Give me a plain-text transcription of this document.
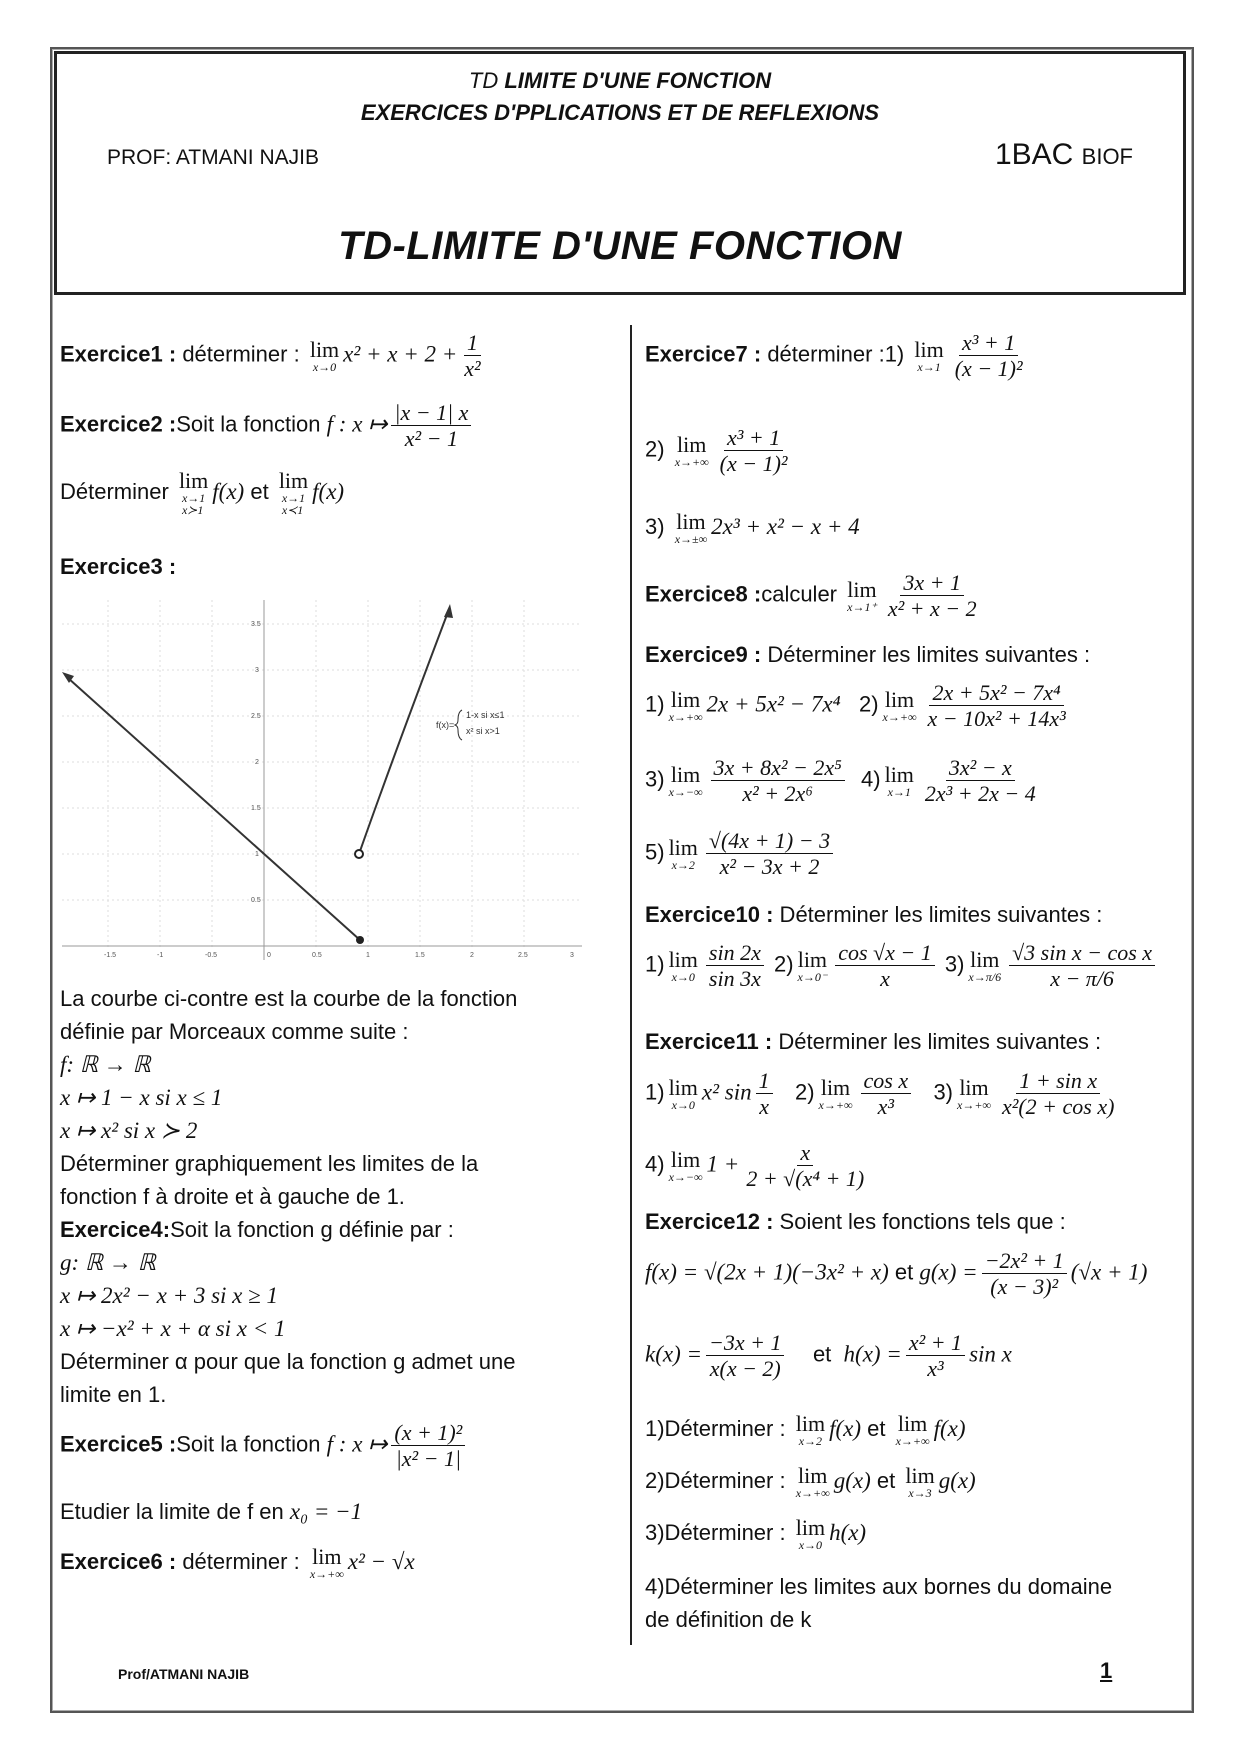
TD LIMITE D'UNE FONCTION
EXERCICES D'PPLICATIONS ET DE REFLEXIONS
PROF: ATMANI NAJIB	1BAC BIOF
TD-LIMITE D'UNE FONCTION
Exercice1 : déterminer : lim
x→0
$x^2 + x + 2 + \frac{1}{\text{x²}}$
Exercice2 :Soit la fonction f : x ↦ $\frac{|x - 1| x}{\text{x² − 1}}$
Déterminer lim
x→1
x≻1
f(x) et lim
x→1
x≺1
f(x)
Exercice3 :
La courbe ci-contre est la courbe de la fonction
définie par Morceaux comme suite :
f: ℝ → ℝ
x ↦ 1 − x si x ≤ 1
x ↦ x² si x ≻ 2
Déterminer graphiquement les limites de la
fonction f à droite et à gauche de 1.
Exercice4:Soit la fonction g définie par :
g: ℝ → ℝ
x ↦ 2x² − x + 3 si x ≥ 1
x ↦ −x² + x + α si x < 1
Déterminer α pour que la fonction g admet une
limite en 1.
Exercice5 :Soit la fonction f : x ↦ $\frac{\text{(x + 1)²}}{\text{|x² − 1|}}$
Etudier la limite de f en x₀ = −1
Exercice6 : déterminer : lim
x→+∞
x² − √x
-1.5	-1	-0.5	0	0.5	1	1.5	2	2.5	3
0.5
1
1.5
2
2.5
3
3.5
f(x)=
1-x si x≤1
x² si x>1
Exercice7 : déterminer :1) lim
$x\to 1 \frac{\text{x³ + 1}}{\text{(x − 1)²}}$
2) lim
$x\to+\infty \frac{\text{x³ + 1}}{\text{(x − 1)²}}$
3) lim
x→±∞
2x³ + x² − x + 4
Exercice8 :calculer lim
$x\to 1^+ \frac{3x + 1}{\text{x² + x − 2}}$
Exercice9 : Déterminer les limites suivantes :
1) lim
x→+∞
2x + 5x² − 7x⁴ 2) lim
$x\to+\infty \frac{\text{2x + 5x² − 7x⁴}}{\text{x − 10x² + 14x³}}$
3) lim
$x\to-\infty \frac{\text{3x + 8x² − 2x⁵}}{\text{x² + 2x⁶}} 4$) lim
$x\to 1 \frac{\text{3x² − x}}{\text{2x³ + 2x − 4}}$
5) lim
$x\to 2 \frac{√(4x + 1) - 3}{\text{x² − 3x + 2}}$
Exercice10 : Déterminer les limites suivantes :
1) lim
$x\to 0 \frac{\sin 2x}{\sin 3x} 2$) lim
$x\to 0^- \frac{\cos √x - 1}{x} 3$) lim
$x\to\pi/6 \frac{\text{√3 sin x − cos x}}{x - \pi/6}$
Exercice11 : Déterminer les limites suivantes :
1) lim
x→0
x² $\sin \frac{1}{x} 2$) lim
$x\to+\infty \frac{\text{cos x}}{\text{x³}} 3$) lim
$x\to+\infty \frac{\text{1 + sin x}}{\text{x²(2 + cos x)}}$
4) lim
x→−∞
$1 + \frac{x}{\text{2 + √(x⁴ + 1)}}$
Exercice12 : Soient les fonctions tels que :
f(x) = √(2x + 1)(−3x² + x) et $g(x) = \frac{\text{−2x² + 1}}{\text{(x − 3)²}} (√x + 1)$
$k(x) = \frac{-3x + 1}{x(x - 2)}$ et $h(x) = \frac{\text{x² + 1}}{\text{x³}}$ sin x
1)Déterminer : lim
x→2
f(x) et lim
x→+∞
f(x)
2)Déterminer : lim
x→+∞
g(x) et lim
x→3
g(x)
3)Déterminer : lim
x→0
h(x)
4)Déterminer les limites aux bornes du domaine
de définition de k
Prof/ATMANI NAJIB	1
